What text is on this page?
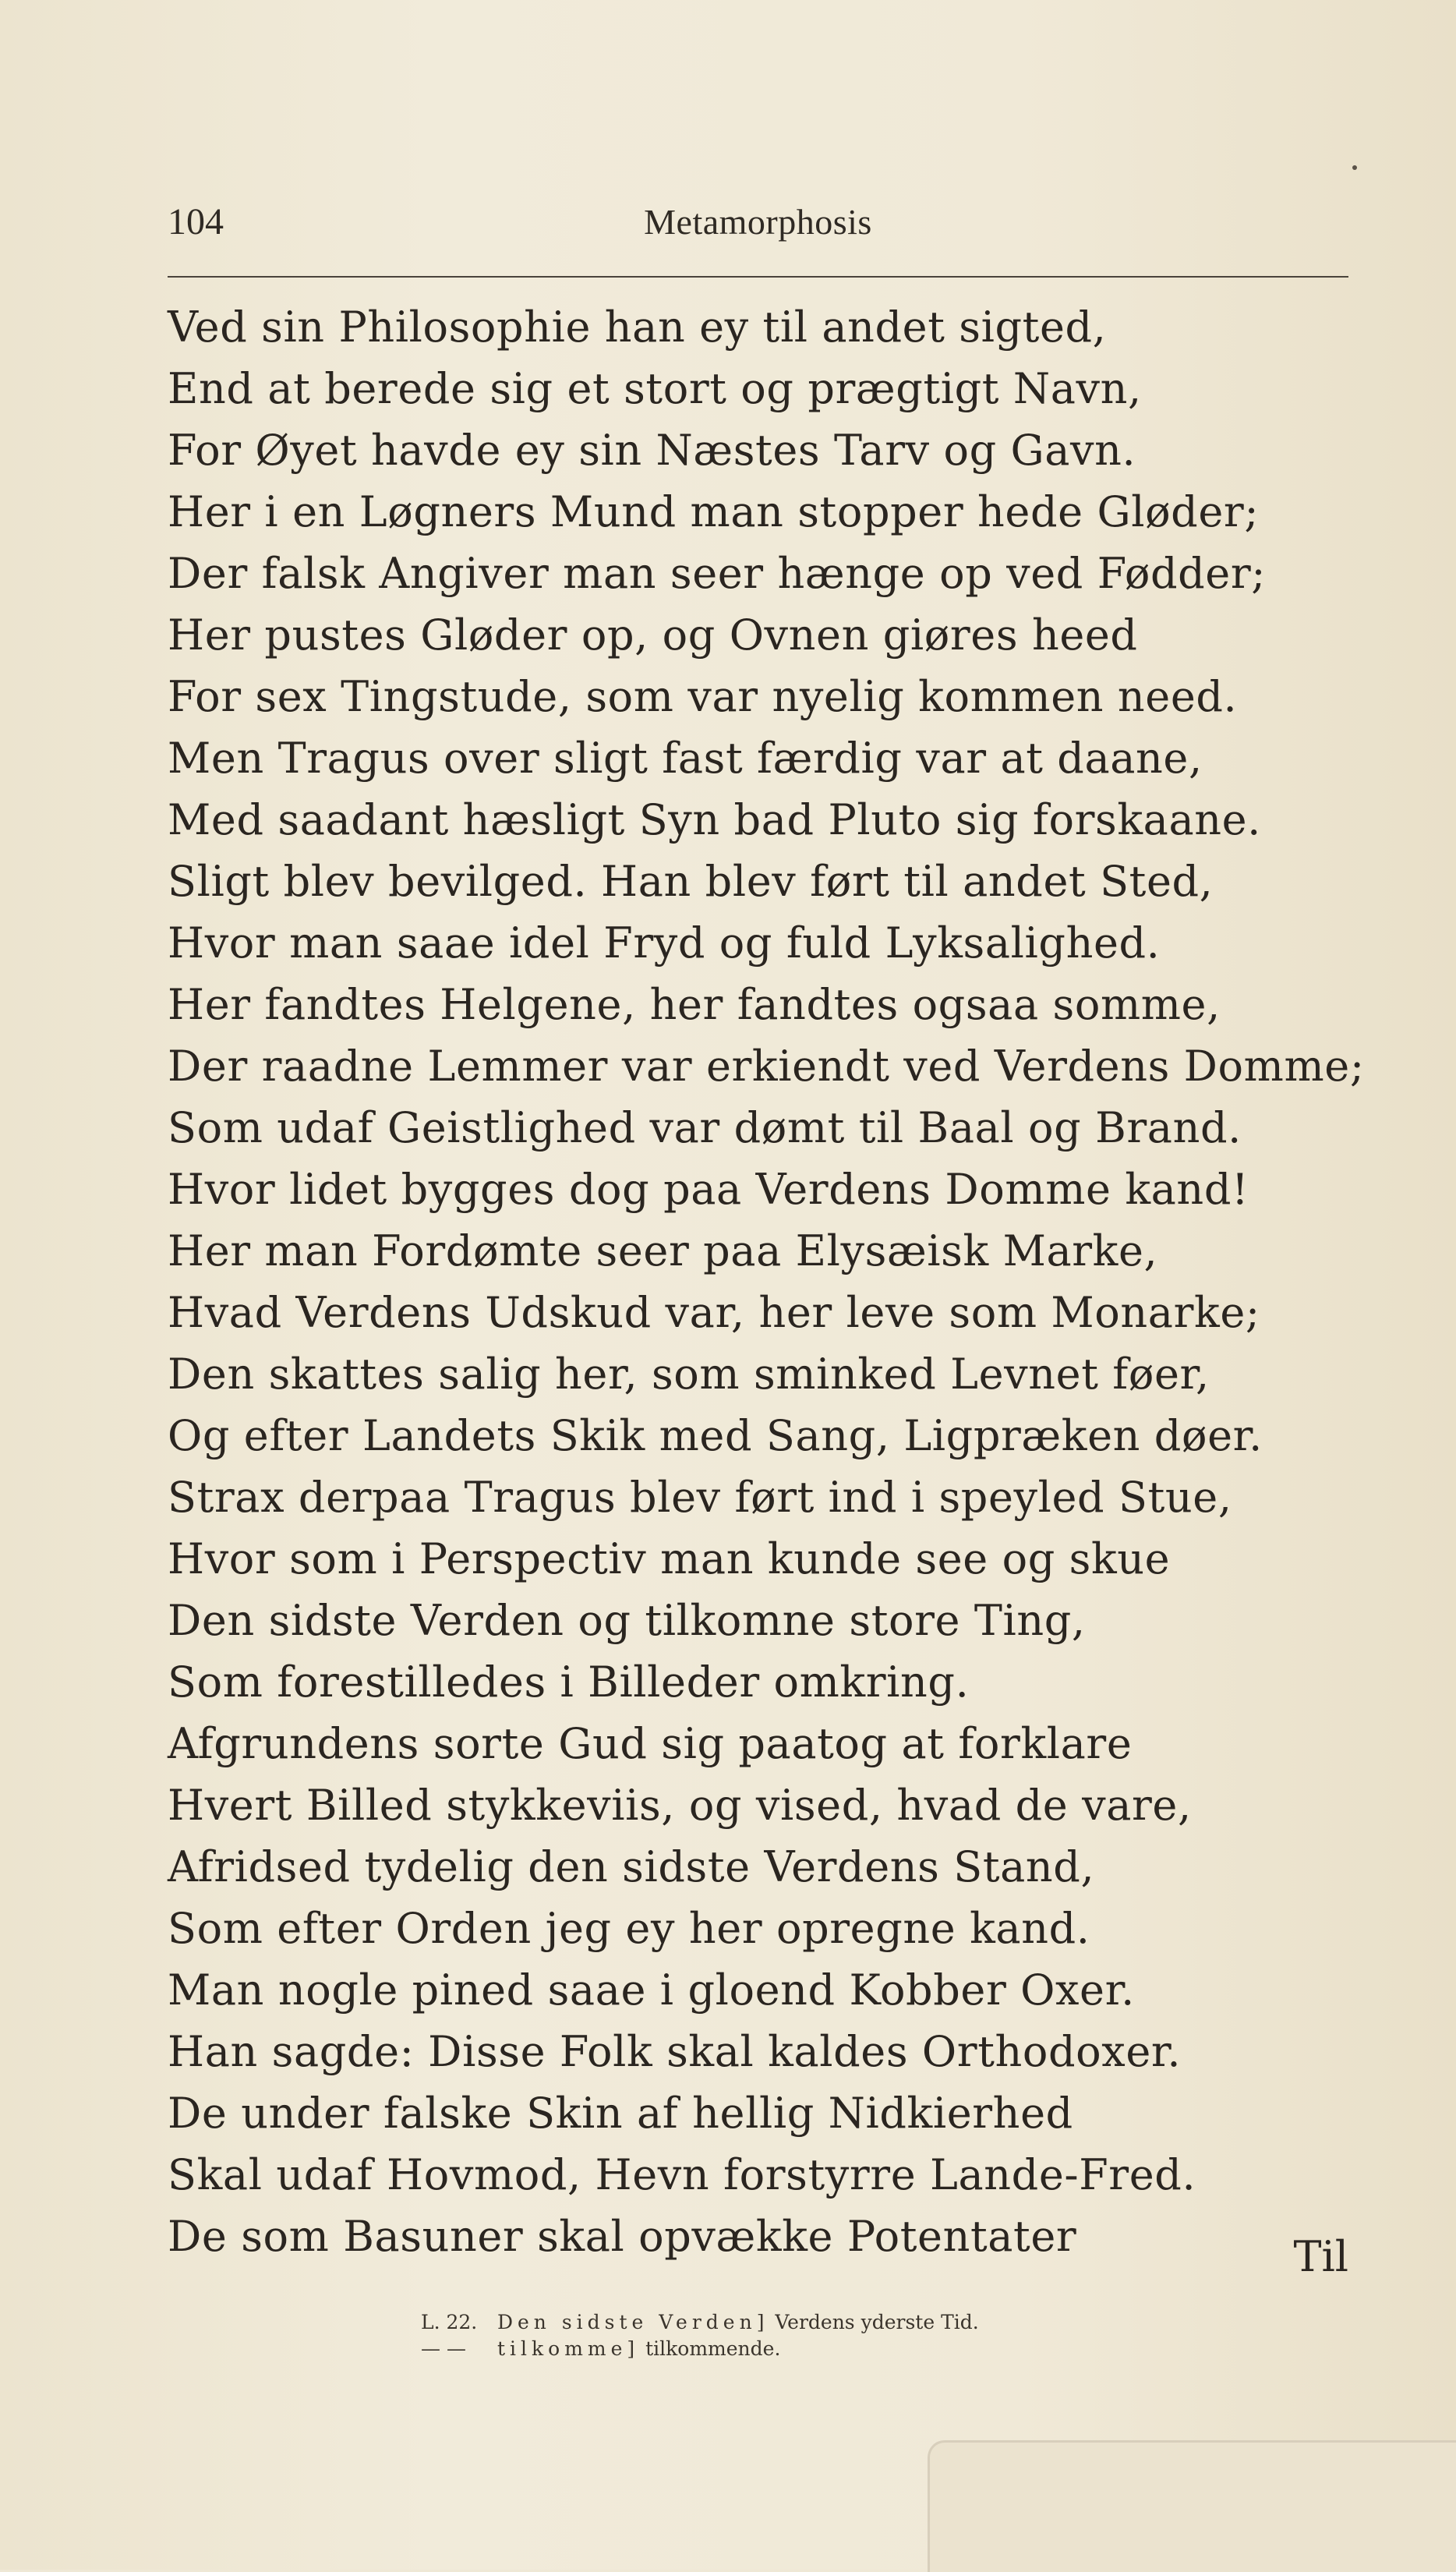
104	Metamorphosis
Ved sin Philosophie han ey til andet sigted,
End at berede sig et stort og prægtigt Navn,
For Øyet havde ey sin Næstes Tarv og Gavn.
Her i en Løgners Mund man stopper hede Gløder;
Der falsk Angiver man seer hænge op ved Fødder;
Her pustes Gløder op, og Ovnen giøres heed
For sex Tingstude, som var nyelig kommen need.
Men Tragus over sligt fast færdig var at daane,
Med saadant hæsligt Syn bad Pluto sig forskaane.
Sligt blev bevilged. Han blev ført til andet Sted,
Hvor man saae idel Fryd og fuld Lyksalighed.
Her fandtes Helgene, her fandtes ogsaa somme,
Der raadne Lemmer var erkiendt ved Verdens Domme;
Som udaf Geistlighed var dømt til Baal og Brand.
Hvor lidet bygges dog paa Verdens Domme kand!
Her man Fordømte seer paa Elysæisk Marke,
Hvad Verdens Udskud var, her leve som Monarke;
Den skattes salig her, som sminked Levnet føer,
Og efter Landets Skik med Sang, Ligpræken døer.
Strax derpaa Tragus blev ført ind i speyled Stue,
Hvor som i Perspectiv man kunde see og skue
Den sidste Verden og tilkomne store Ting,
Som forestilledes i Billeder omkring.
Afgrundens sorte Gud sig paatog at forklare
Hvert Billed stykkeviis, og vised, hvad de vare,
Afridsed tydelig den sidste Verdens Stand,
Som efter Orden jeg ey her opregne kand.
Man nogle pined saae i gloend Kobber Oxer.
Han sagde: Disse Folk skal kaldes Orthodoxer.
De under falske Skin af hellig Nidkierhed
Skal udaf Hovmod, Hevn forstyrre Lande-Fred.
De som Basuner skal opvække Potentater	Til
L. 22. Den sidste Verden] Verdens yderste Tid.
— — tilkomme] tilkommende.
